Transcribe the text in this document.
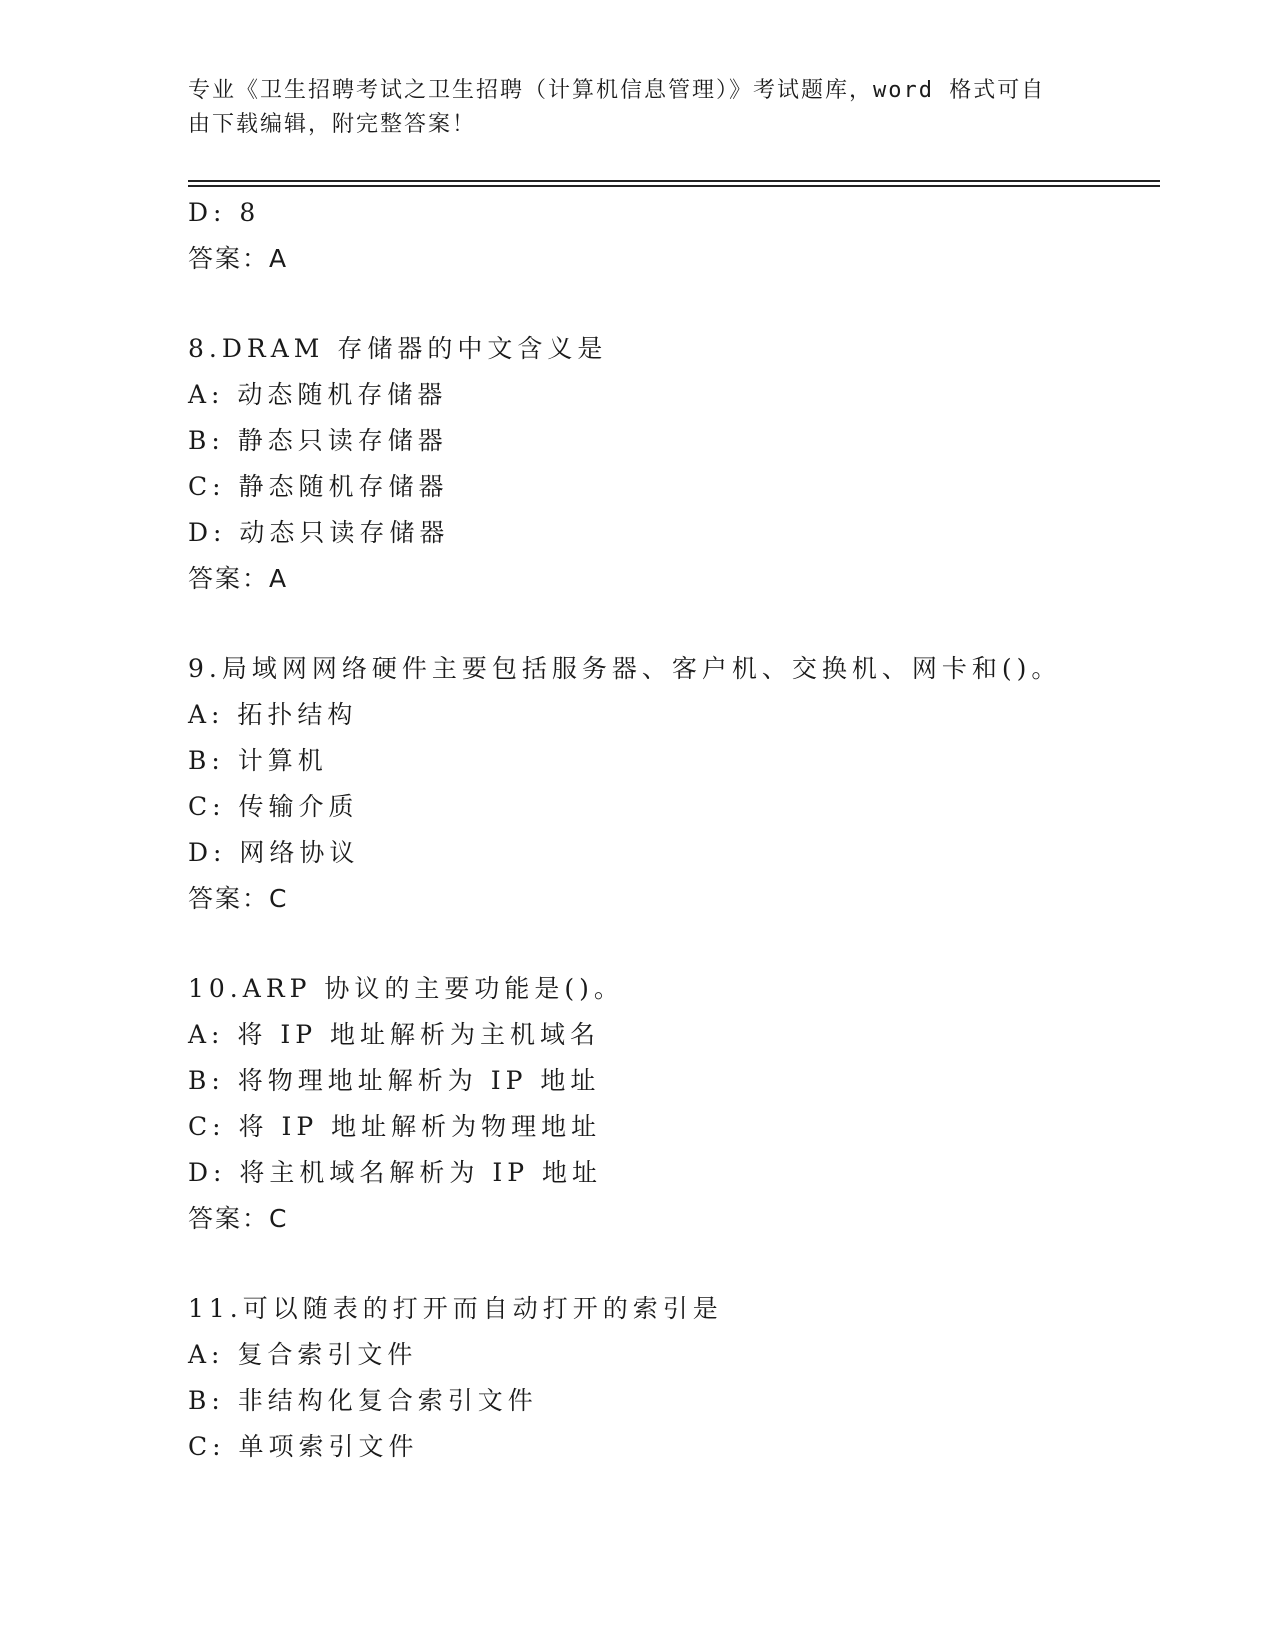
专业《卫生招聘考试之卫生招聘（计算机信息管理）》考试题库，word 格式可自
由下载编辑，附完整答案！
D: 8
答案：A
8.DRAM 存储器的中文含义是
A: 动态随机存储器
B: 静态只读存储器
C: 静态随机存储器
D: 动态只读存储器
答案：A
9.局域网网络硬件主要包括服务器、客户机、交换机、网卡和()。
A: 拓扑结构
B: 计算机
C: 传输介质
D: 网络协议
答案：C
10.ARP 协议的主要功能是()。
A: 将 IP 地址解析为主机域名
B: 将物理地址解析为 IP 地址
C: 将 IP 地址解析为物理地址
D: 将主机域名解析为 IP 地址
答案：C
11.可以随表的打开而自动打开的索引是
A: 复合索引文件
B: 非结构化复合索引文件
C: 单项索引文件
